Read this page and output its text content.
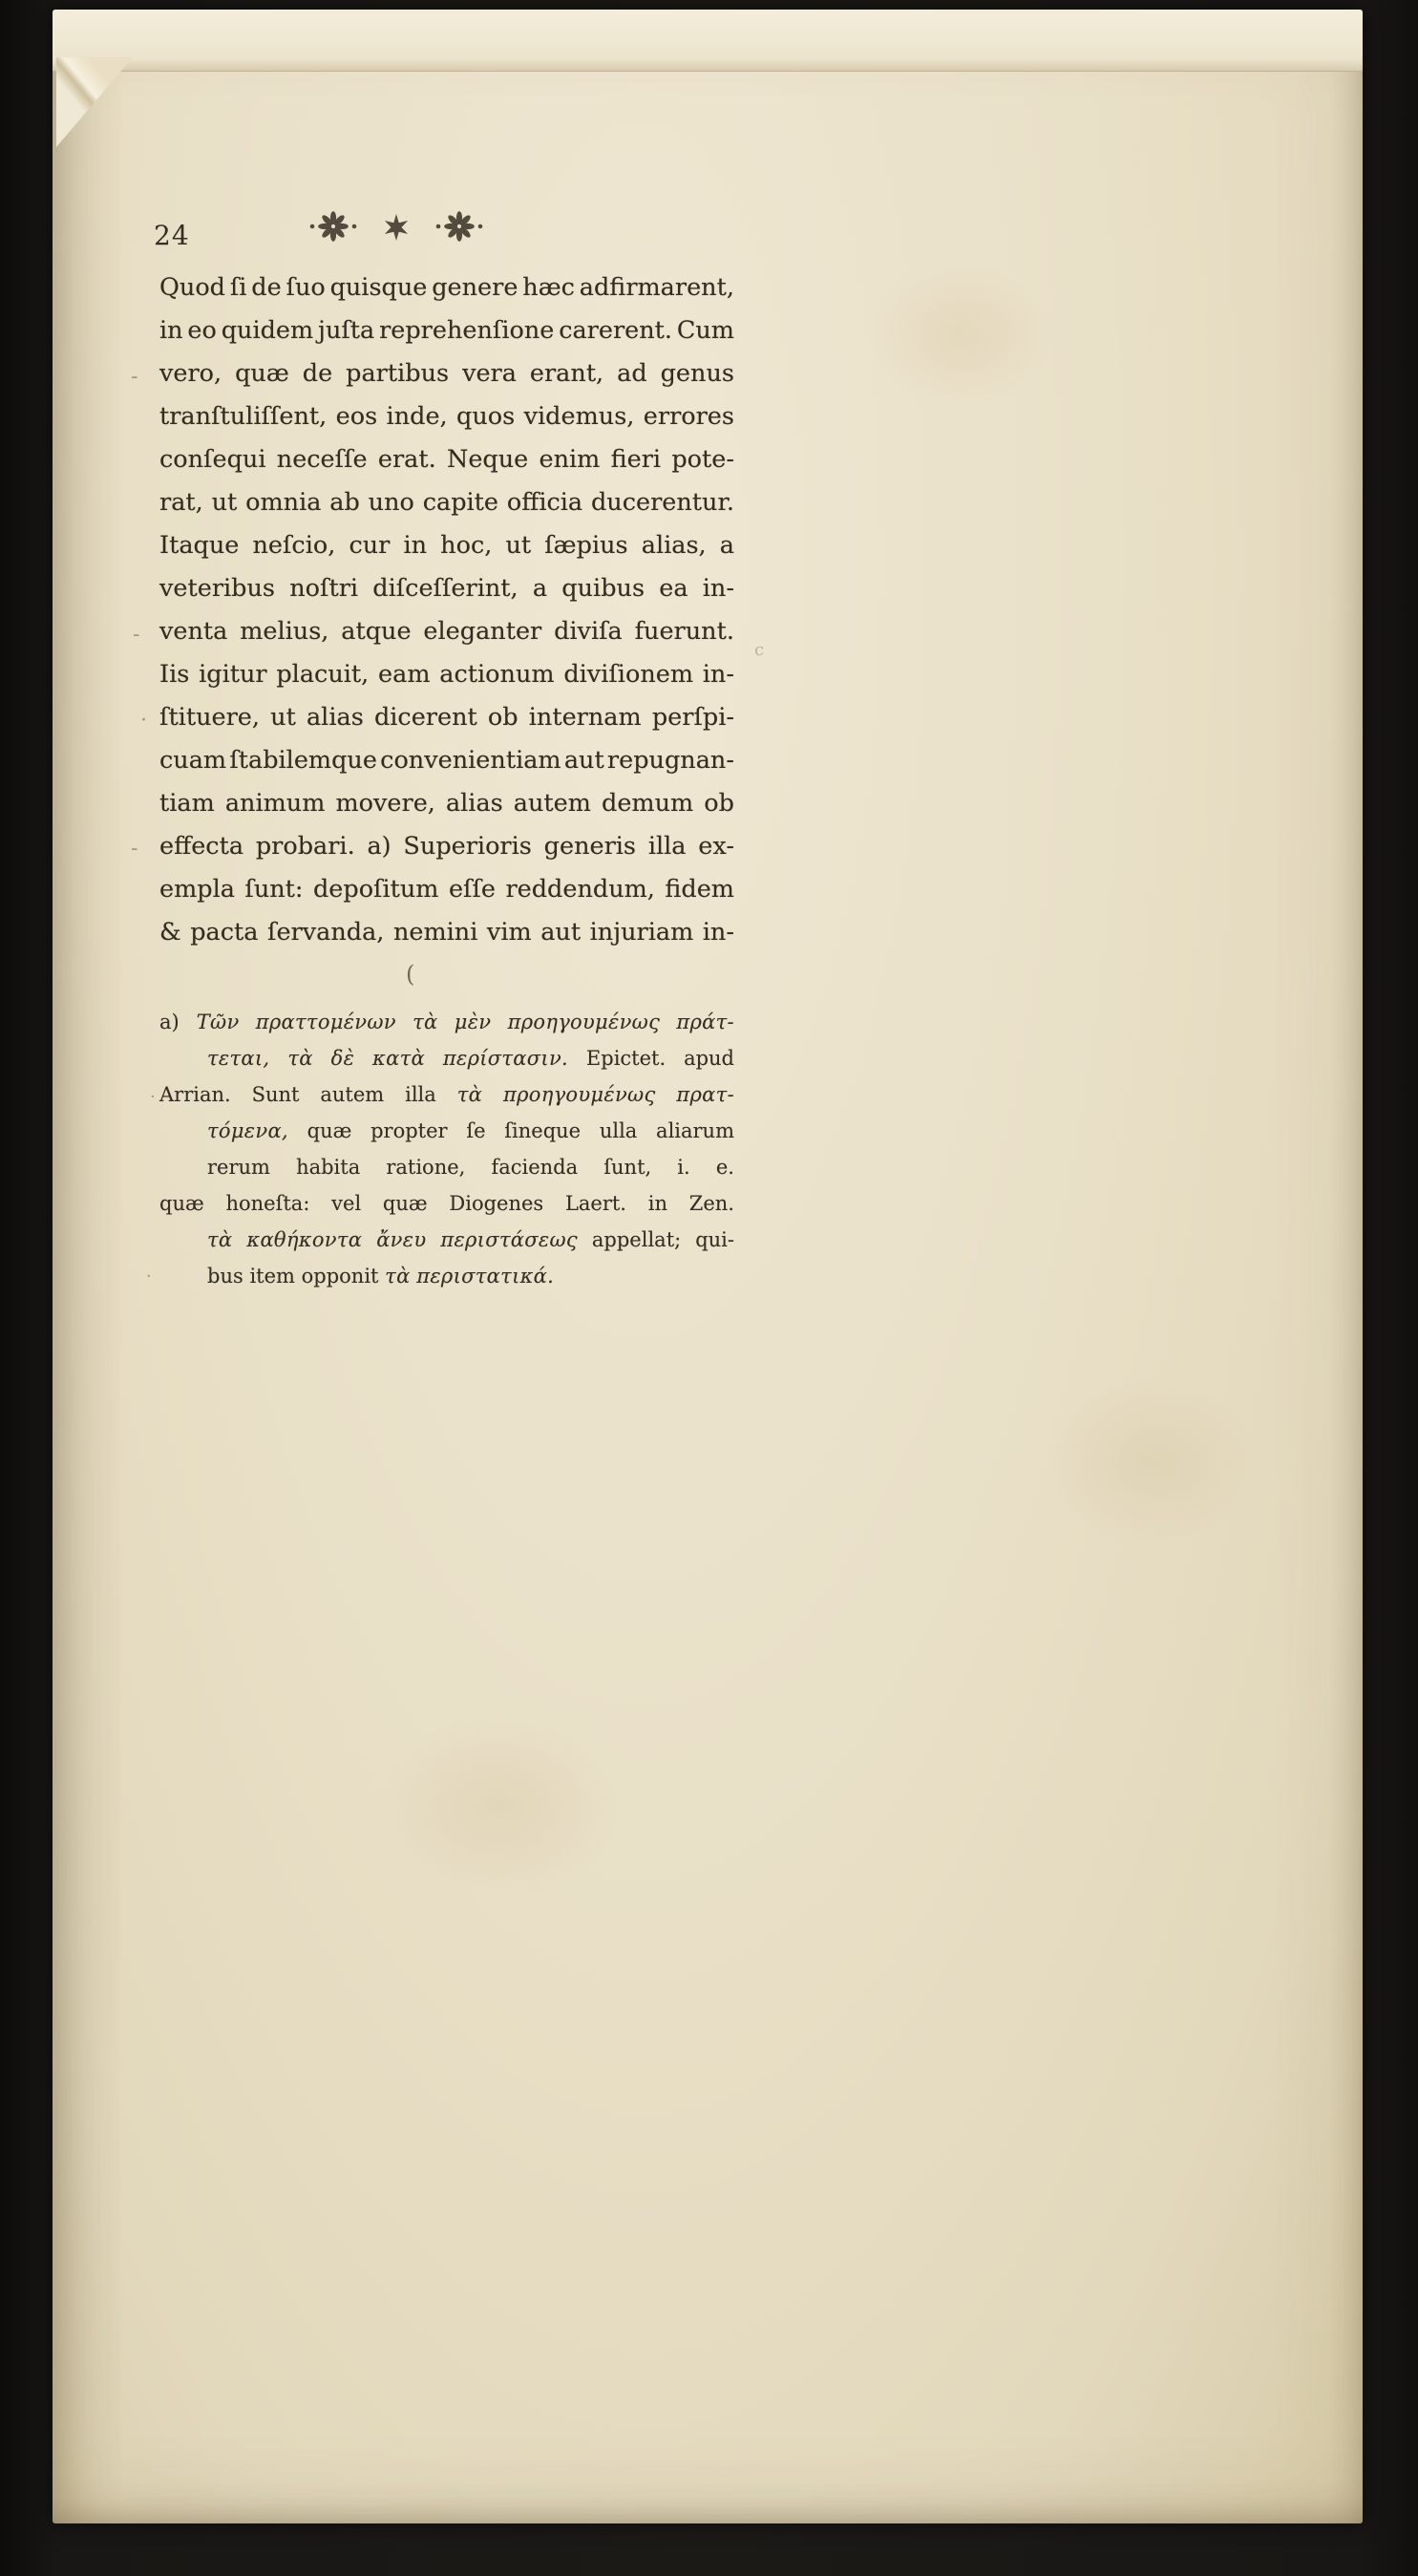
24
Quod ſi de ſuo quisque genere hæc adfirmarent,
in eo quidem juſta reprehenſione carerent. Cum
vero, quæ de partibus vera erant, ad genus
tranſtuliſſent, eos inde, quos videmus, errores
conſequi neceſſe erat. Neque enim fieri pote-
rat, ut omnia ab uno capite officia ducerentur.
Itaque neſcio, cur in hoc, ut ſæpius alias, a
veteribus noſtri diſceſſerint, a quibus ea in-
venta melius, atque eleganter diviſa fuerunt.
Iis igitur placuit, eam actionum diviſionem in-
ſtituere, ut alias dicerent ob internam perſpi-
cuam ſtabilemque convenientiam aut repugnan-
tiam animum movere, alias autem demum ob
effecta probari. a) Superioris generis illa ex-
empla ſunt: depoſitum eſſe reddendum, fidem
& pacta ſervanda, nemini vim aut injuriam in-
(
a) Τῶν πραττομένων τὰ μὲν προηγουμένως πράτ-
τεται, τὰ δὲ κατὰ περίστασιν. Epictet. apud
Arrian. Sunt autem illa τὰ προηγουμένως πρατ-
τόμενα, quæ propter ſe ſineque ulla aliarum
rerum habita ratione, facienda ſunt, i. e.
quæ honeſta: vel quæ Diogenes Laert. in Zen.
τὰ καθήκοντα ἄνευ περιστάσεως appellat; qui-
bus item opponit τὰ περιστατικά.
-
-
·
-
·
·
c
